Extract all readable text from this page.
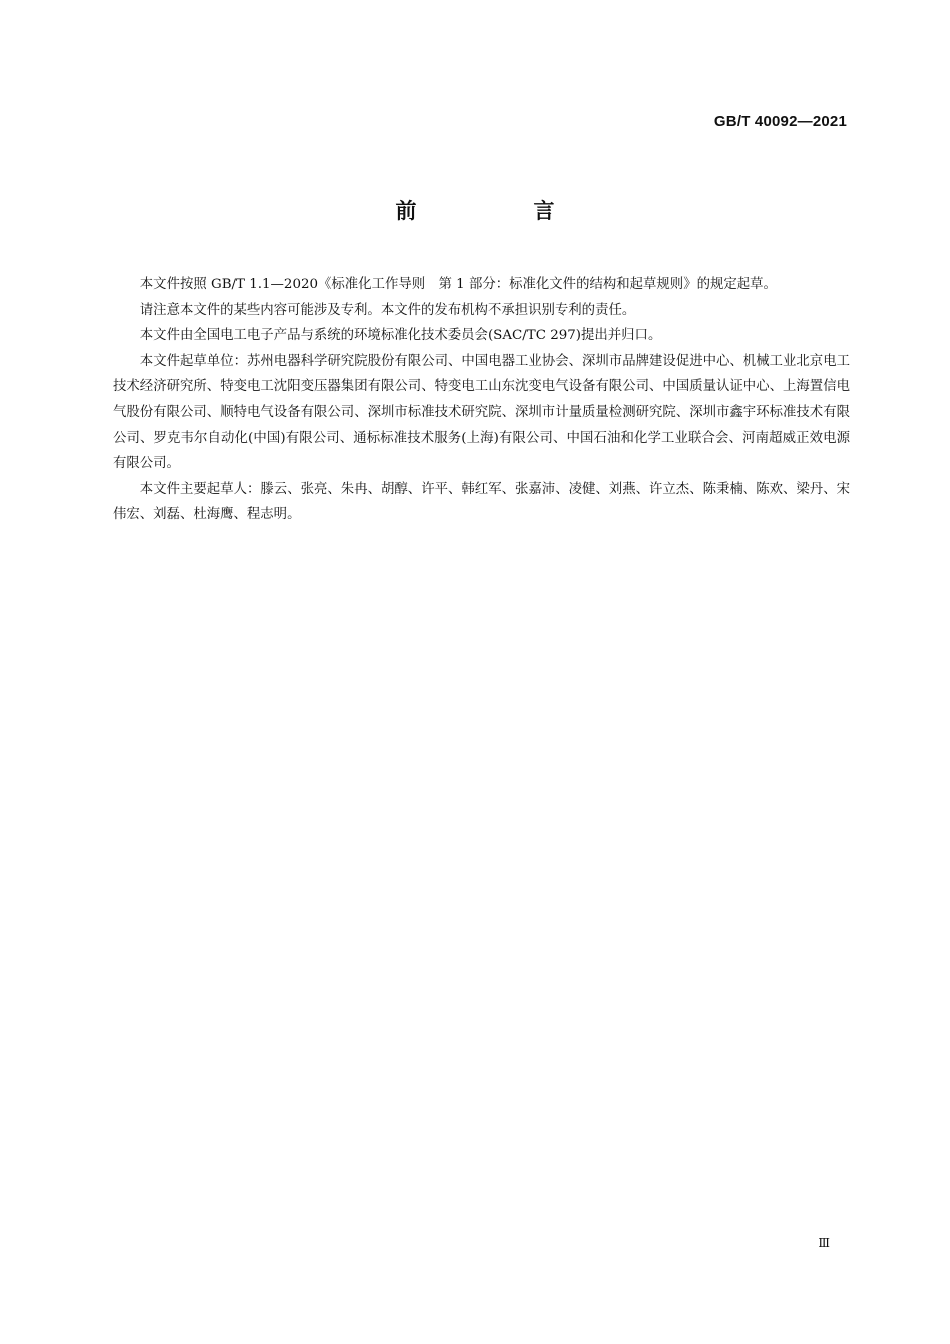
GB/T 40092—2021
前　言

本文件按照 GB/T 1.1—2020《标准化工作导则　第 1 部分：标准化文件的结构和起草规则》的规定起草。

请注意本文件的某些内容可能涉及专利。本文件的发布机构不承担识别专利的责任。

本文件由全国电工电子产品与系统的环境标准化技术委员会(SAC/TC 297)提出并归口。

本文件起草单位：苏州电器科学研究院股份有限公司、中国电器工业协会、深圳市品牌建设促进中心、机械工业北京电工技术经济研究所、特变电工沈阳变压器集团有限公司、特变电工山东沈变电气设备有限公司、中国质量认证中心、上海置信电气股份有限公司、顺特电气设备有限公司、深圳市标准技术研究院、深圳市计量质量检测研究院、深圳市鑫宇环标准技术有限公司、罗克韦尔自动化(中国)有限公司、通标标准技术服务(上海)有限公司、中国石油和化学工业联合会、河南超威正效电源有限公司。

本文件主要起草人：滕云、张亮、朱冉、胡醇、许平、韩红军、张嘉沛、凌健、刘燕、许立杰、陈秉楠、陈欢、梁丹、宋伟宏、刘磊、杜海鹰、程志明。

Ⅲ
